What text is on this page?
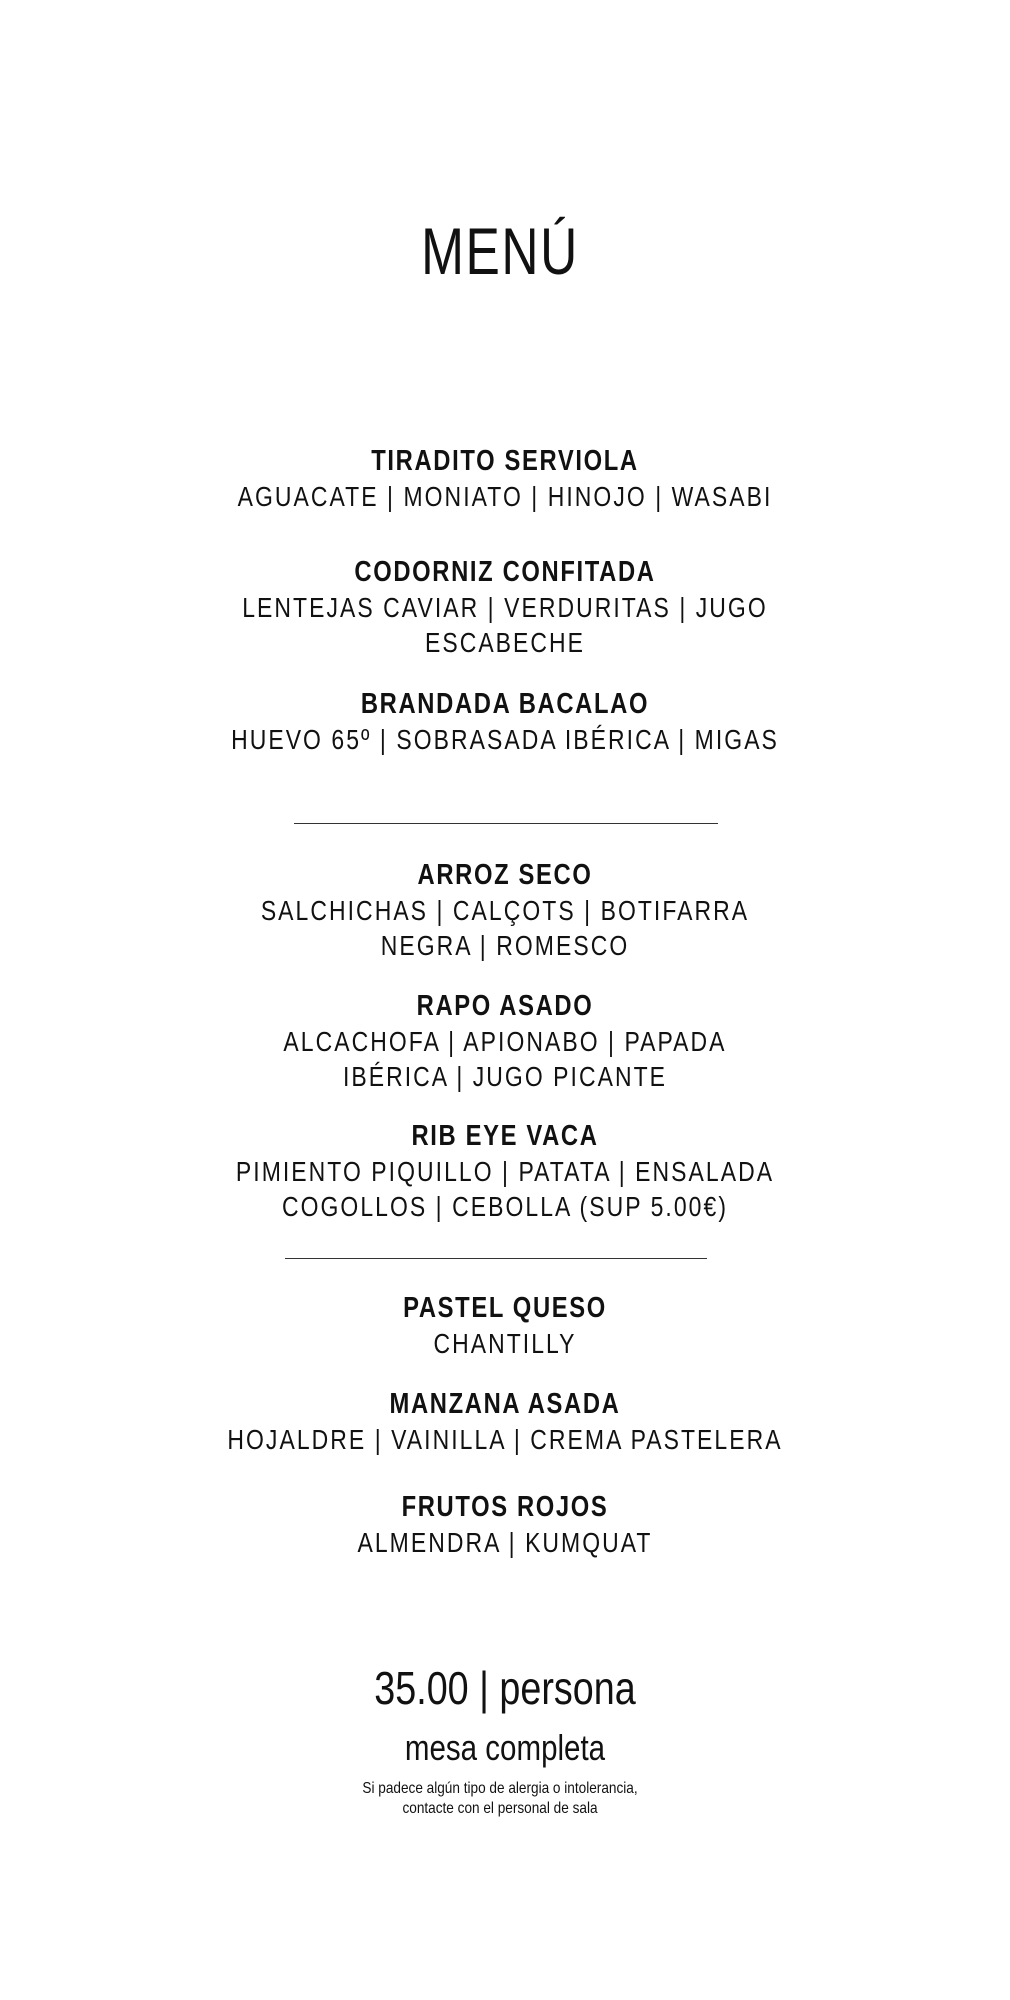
MENÚ
TIRADITO SERVIOLA
AGUACATE | MONIATO | HINOJO | WASABI
CODORNIZ CONFITADA
LENTEJAS CAVIAR | VERDURITAS | JUGO
ESCABECHE
BRANDADA BACALAO
HUEVO 65º | SOBRASADA IBÉRICA | MIGAS
ARROZ SECO
SALCHICHAS | CALÇOTS | BOTIFARRA
NEGRA | ROMESCO
RAPO ASADO
ALCACHOFA | APIONABO | PAPADA
IBÉRICA | JUGO PICANTE
RIB EYE VACA
PIMIENTO PIQUILLO | PATATA | ENSALADA
COGOLLOS | CEBOLLA (SUP 5.00€)
PASTEL QUESO
CHANTILLY
MANZANA ASADA
HOJALDRE | VAINILLA | CREMA PASTELERA
FRUTOS ROJOS
ALMENDRA | KUMQUAT
35.00 | persona
mesa completa
Si padece algún tipo de alergia o intolerancia,
contacte con el personal de sala
